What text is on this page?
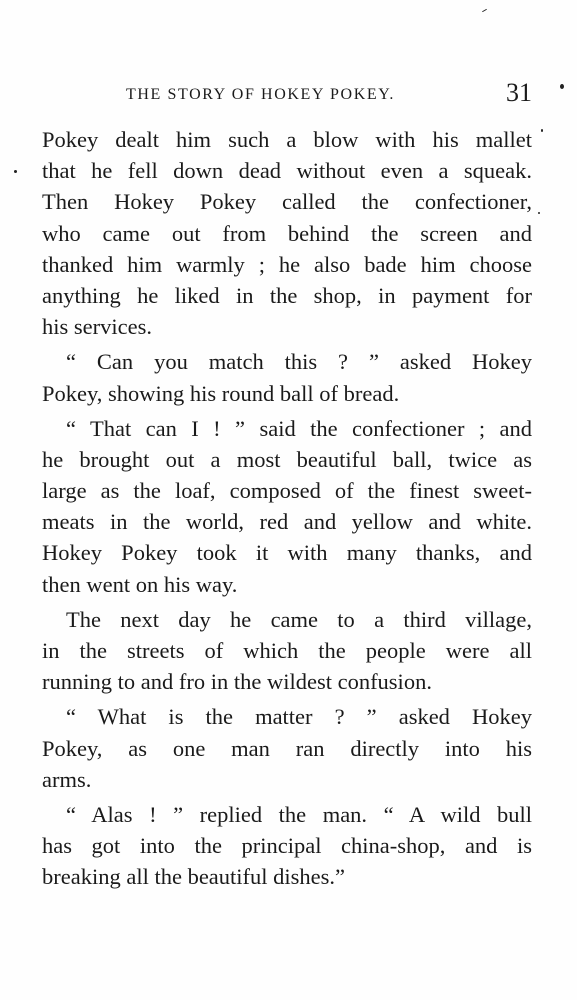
THE STORY OF HOKEY POKEY.	31
Pokey dealt him such a blow with his mallet
that he fell down dead without even a squeak.
Then Hokey Pokey called the confectioner,
who came out from behind the screen and
thanked him warmly ; he also bade him choose
anything he liked in the shop, in payment for
his services.
“ Can you match this ? ” asked Hokey
Pokey, showing his round ball of bread.
“ That can I ! ” said the confectioner ; and
he brought out a most beautiful ball, twice as
large as the loaf, composed of the finest sweet-
meats in the world, red and yellow and white.
Hokey Pokey took it with many thanks, and
then went on his way.
The next day he came to a third village,
in the streets of which the people were all
running to and fro in the wildest confusion.
“ What is the matter ? ” asked Hokey
Pokey, as one man ran directly into his
arms.
“ Alas ! ” replied the man. “ A wild bull
has got into the principal china-shop, and is
breaking all the beautiful dishes.”
